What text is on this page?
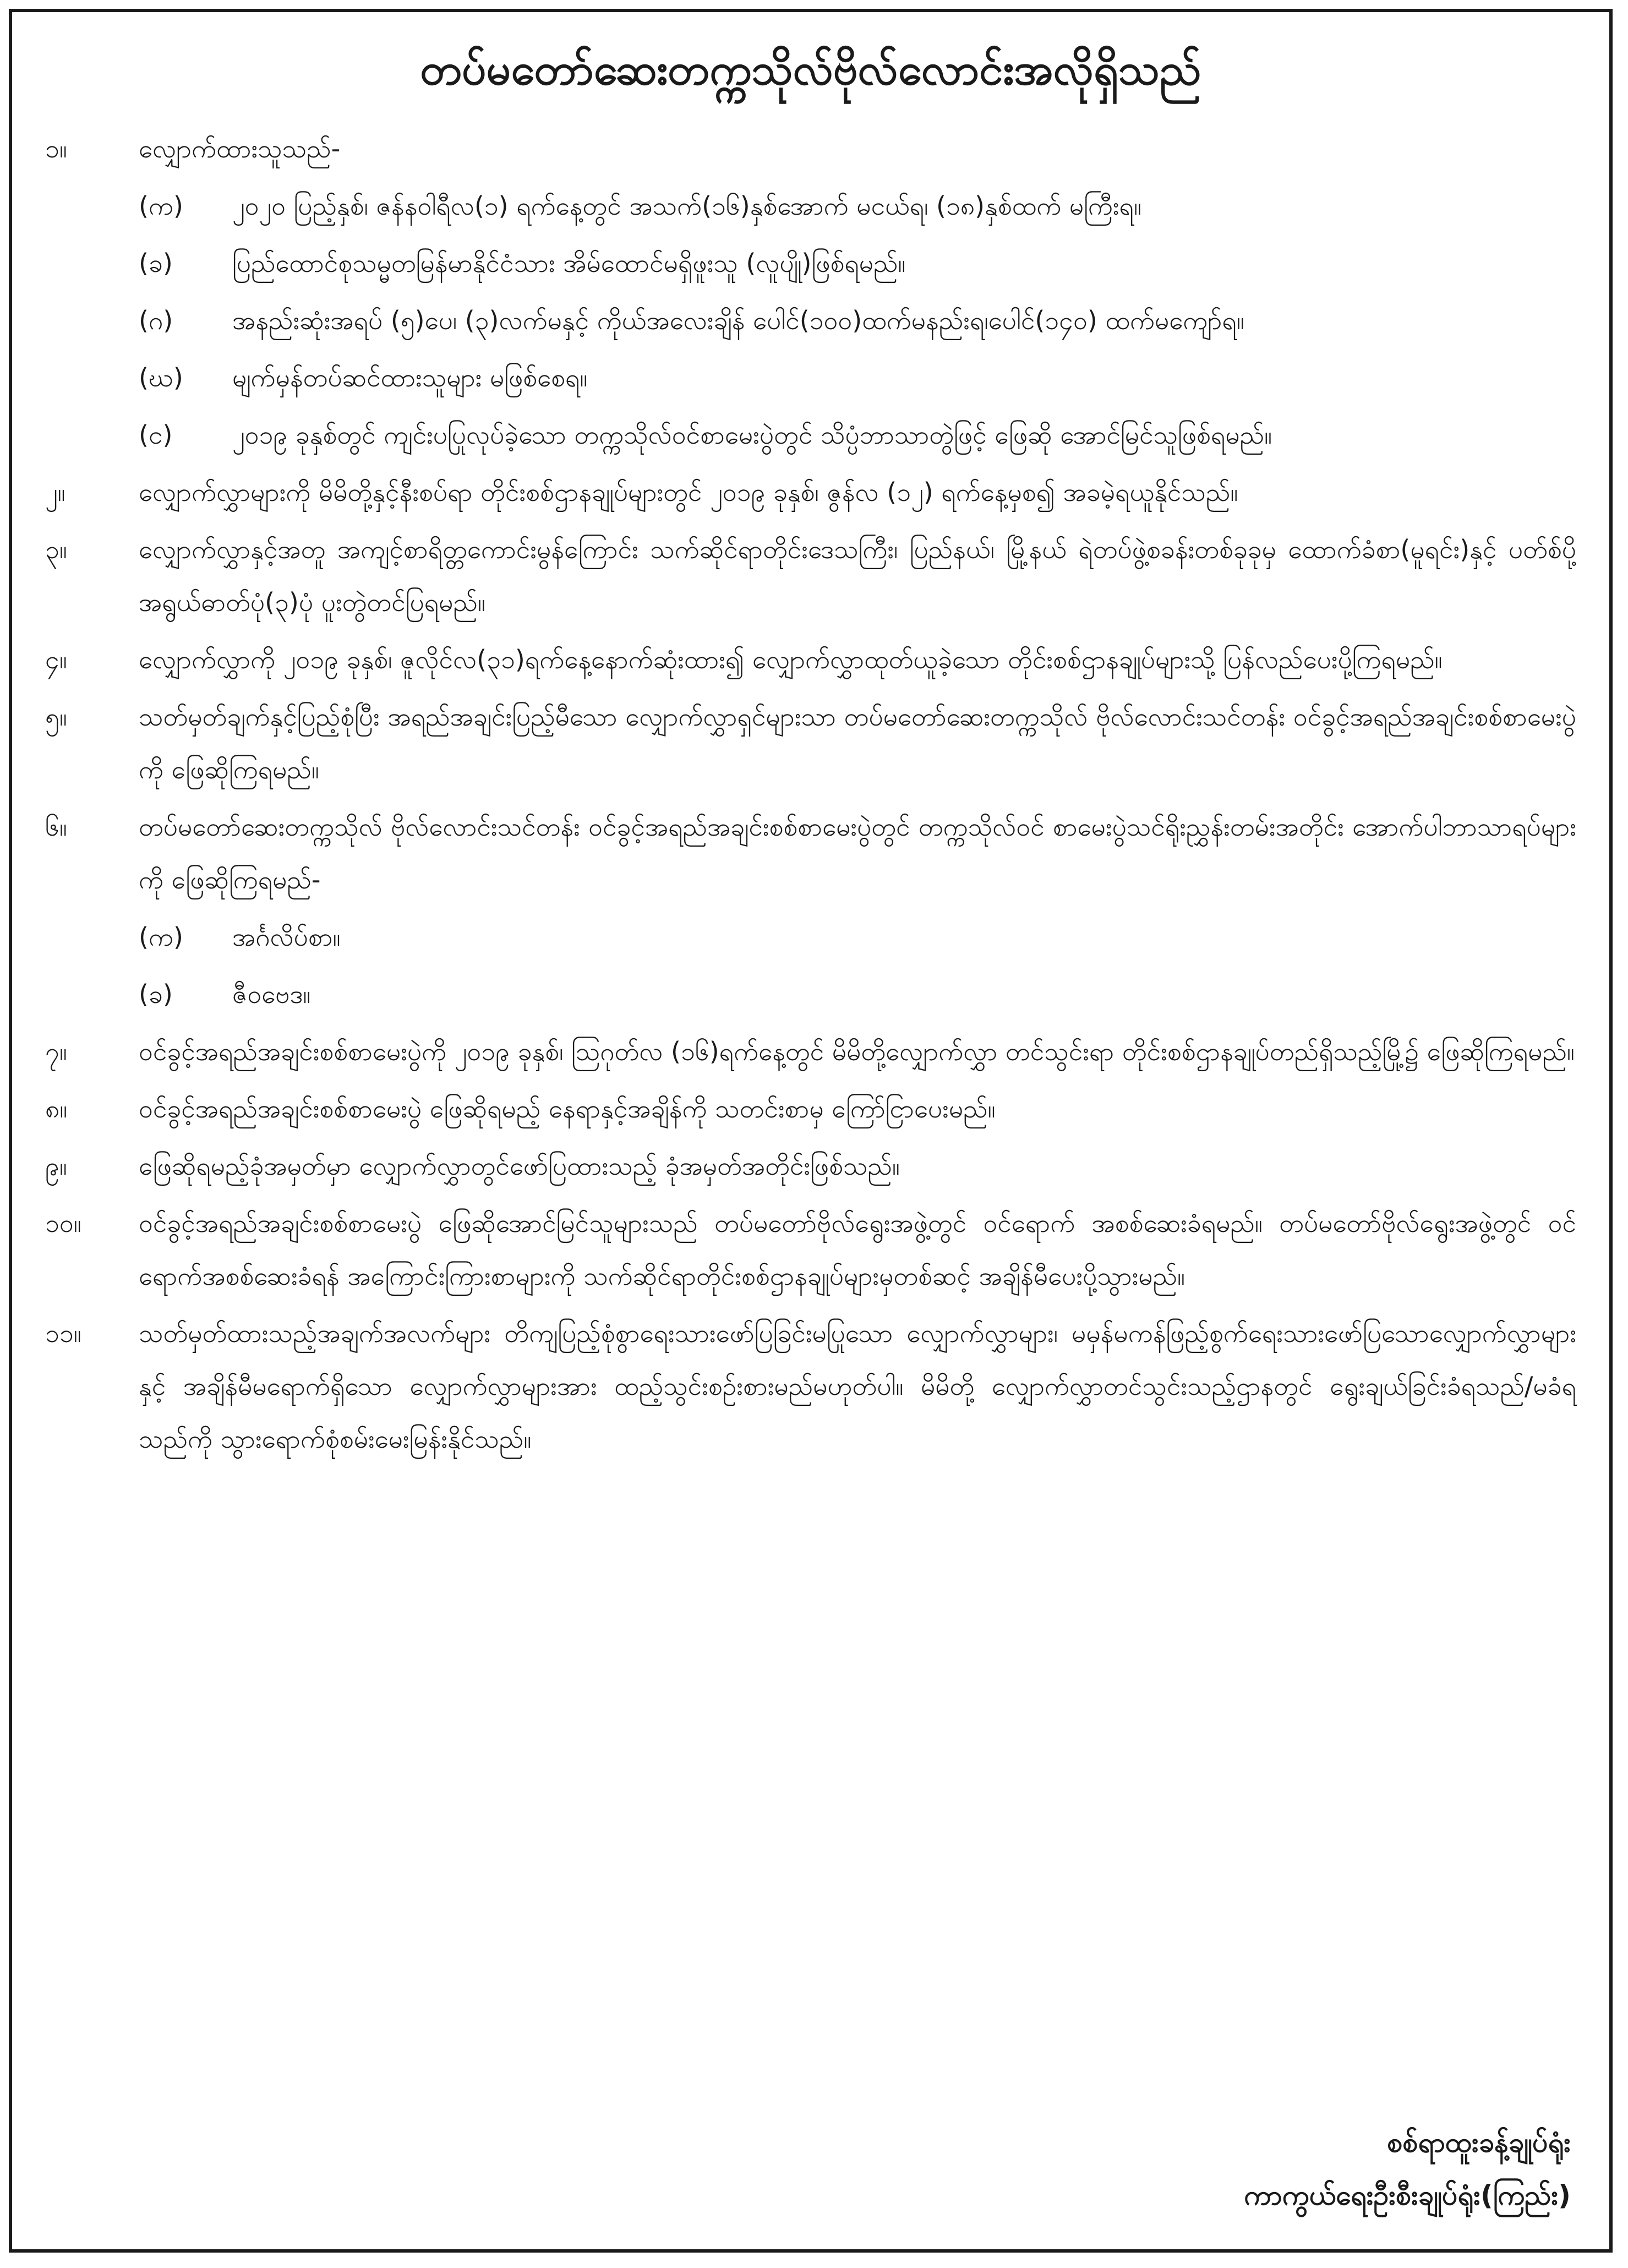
တပ်မတော်ဆေးတက္ကသိုလ်ဗိုလ်လောင်းအလိုရှိသည်
၁။	လျှောက်ထားသူသည်-
(က)	၂၀၂၀ ပြည့်နှစ်၊ ဇန်နဝါရီလ(၁) ရက်နေ့တွင် အသက်(၁၆)နှစ်အောက် မငယ်ရ၊ (၁၈)နှစ်ထက် မကြီးရ။
(ခ)	ပြည်ထောင်စုသမ္မတမြန်မာနိုင်ငံသား အိမ်ထောင်မရှိဖူးသူ (လူပျို)ဖြစ်ရမည်။
(ဂ)	အနည်းဆုံးအရပ် (၅)ပေ၊ (၃)လက်မနှင့် ကိုယ်အလေးချိန် ပေါင်(၁၀၀)ထက်မနည်းရ၊ပေါင်(၁၄၀) ထက်မကျော်ရ။
(ဃ)	မျက်မှန်တပ်ဆင်ထားသူများ မဖြစ်စေရ။
(င)	၂၀၁၉ ခုနှစ်တွင် ကျင်းပပြုလုပ်ခဲ့သော တက္ကသိုလ်ဝင်စာမေးပွဲတွင် သိပ္ပံဘာသာတွဲဖြင့် ဖြေဆို အောင်မြင်သူဖြစ်ရမည်။
၂။	လျှောက်လွှာများကို မိမိတို့နှင့်နီးစပ်ရာ တိုင်းစစ်ဌာနချုပ်များတွင် ၂၀၁၉ ခုနှစ်၊ ဇွန်လ (၁၂) ရက်နေ့မှစ၍ အခမဲ့ရယူနိုင်သည်။
၃။	လျှောက်လွှာနှင့်အတူ အကျင့်စာရိတ္တကောင်းမွန်ကြောင်း သက်ဆိုင်ရာတိုင်းဒေသကြီး၊ ပြည်နယ်၊ မြို့နယ် ရဲတပ်ဖွဲ့စခန်းတစ်ခုခုမှ ထောက်ခံစာ(မူရင်း)နှင့် ပတ်စ်ပို့အရွယ်ဓာတ်ပုံ(၃)ပုံ ပူးတွဲတင်ပြရမည်။
၄။	လျှောက်လွှာကို ၂၀၁၉ ခုနှစ်၊ ဇူလိုင်လ(၃၁)ရက်နေ့နောက်ဆုံးထား၍ လျှောက်လွှာထုတ်ယူခဲ့သော တိုင်းစစ်ဌာနချုပ်များသို့ ပြန်လည်ပေးပို့ကြရမည်။
၅။	သတ်မှတ်ချက်နှင့်ပြည့်စုံပြီး အရည်အချင်းပြည့်မီသော လျှောက်လွှာရှင်များသာ တပ်မတော်ဆေးတက္ကသိုလ် ဗိုလ်လောင်းသင်တန်း ဝင်ခွင့်အရည်အချင်းစစ်စာမေးပွဲကို ဖြေဆိုကြရမည်။
၆။	တပ်မတော်ဆေးတက္ကသိုလ် ဗိုလ်လောင်းသင်တန်း ဝင်ခွင့်အရည်အချင်းစစ်စာမေးပွဲတွင် တက္ကသိုလ်ဝင် စာမေးပွဲသင်ရိုးညွှန်းတမ်းအတိုင်း အောက်ပါဘာသာရပ်များကို ဖြေဆိုကြရမည်-
(က)	အင်္ဂလိပ်စာ။
(ခ)	ဇီဝဗေဒ။
၇။	ဝင်ခွင့်အရည်အချင်းစစ်စာမေးပွဲကို ၂၀၁၉ ခုနှစ်၊ သြဂုတ်လ (၁၆)ရက်နေ့တွင် မိမိတို့လျှောက်လွှာ တင်သွင်းရာ တိုင်းစစ်ဌာနချုပ်တည်ရှိသည့်မြို့၌ ဖြေဆိုကြရမည်။
၈။	ဝင်ခွင့်အရည်အချင်းစစ်စာမေးပွဲ ဖြေဆိုရမည့် နေရာနှင့်အချိန်ကို သတင်းစာမှ ကြော်ငြာပေးမည်။
၉။	ဖြေဆိုရမည့်ခုံအမှတ်မှာ လျှောက်လွှာတွင်ဖော်ပြထားသည့် ခုံအမှတ်အတိုင်းဖြစ်သည်။
၁၀။	ဝင်ခွင့်အရည်အချင်းစစ်စာမေးပွဲ ဖြေဆိုအောင်မြင်သူများသည် တပ်မတော်ဗိုလ်ရွေးအဖွဲ့တွင် ဝင်ရောက် အစစ်ဆေးခံရမည်။ တပ်မတော်ဗိုလ်ရွေးအဖွဲ့တွင် ဝင်ရောက်အစစ်ဆေးခံရန် အကြောင်းကြားစာများကို သက်ဆိုင်ရာတိုင်းစစ်ဌာနချုပ်များမှတစ်ဆင့် အချိန်မီပေးပို့သွားမည်။
၁၁။	သတ်မှတ်ထားသည့်အချက်အလက်များ တိကျပြည့်စုံစွာရေးသားဖော်ပြခြင်းမပြုသော လျှောက်လွှာများ၊ မမှန်မကန်ဖြည့်စွက်ရေးသားဖော်ပြသောလျှောက်လွှာများနှင့် အချိန်မီမရောက်ရှိသော လျှောက်လွှာများအား ထည့်သွင်းစဉ်းစားမည်မဟုတ်ပါ။ မိမိတို့ လျှောက်လွှာတင်သွင်းသည့်ဌာနတွင် ရွေးချယ်ခြင်းခံရသည်/မခံရ သည်ကို သွားရောက်စုံစမ်းမေးမြန်းနိုင်သည်။
စစ်ရာထူးခန့်ချုပ်ရုံး
ကာကွယ်ရေးဦးစီးချုပ်ရုံး(ကြည်း)
